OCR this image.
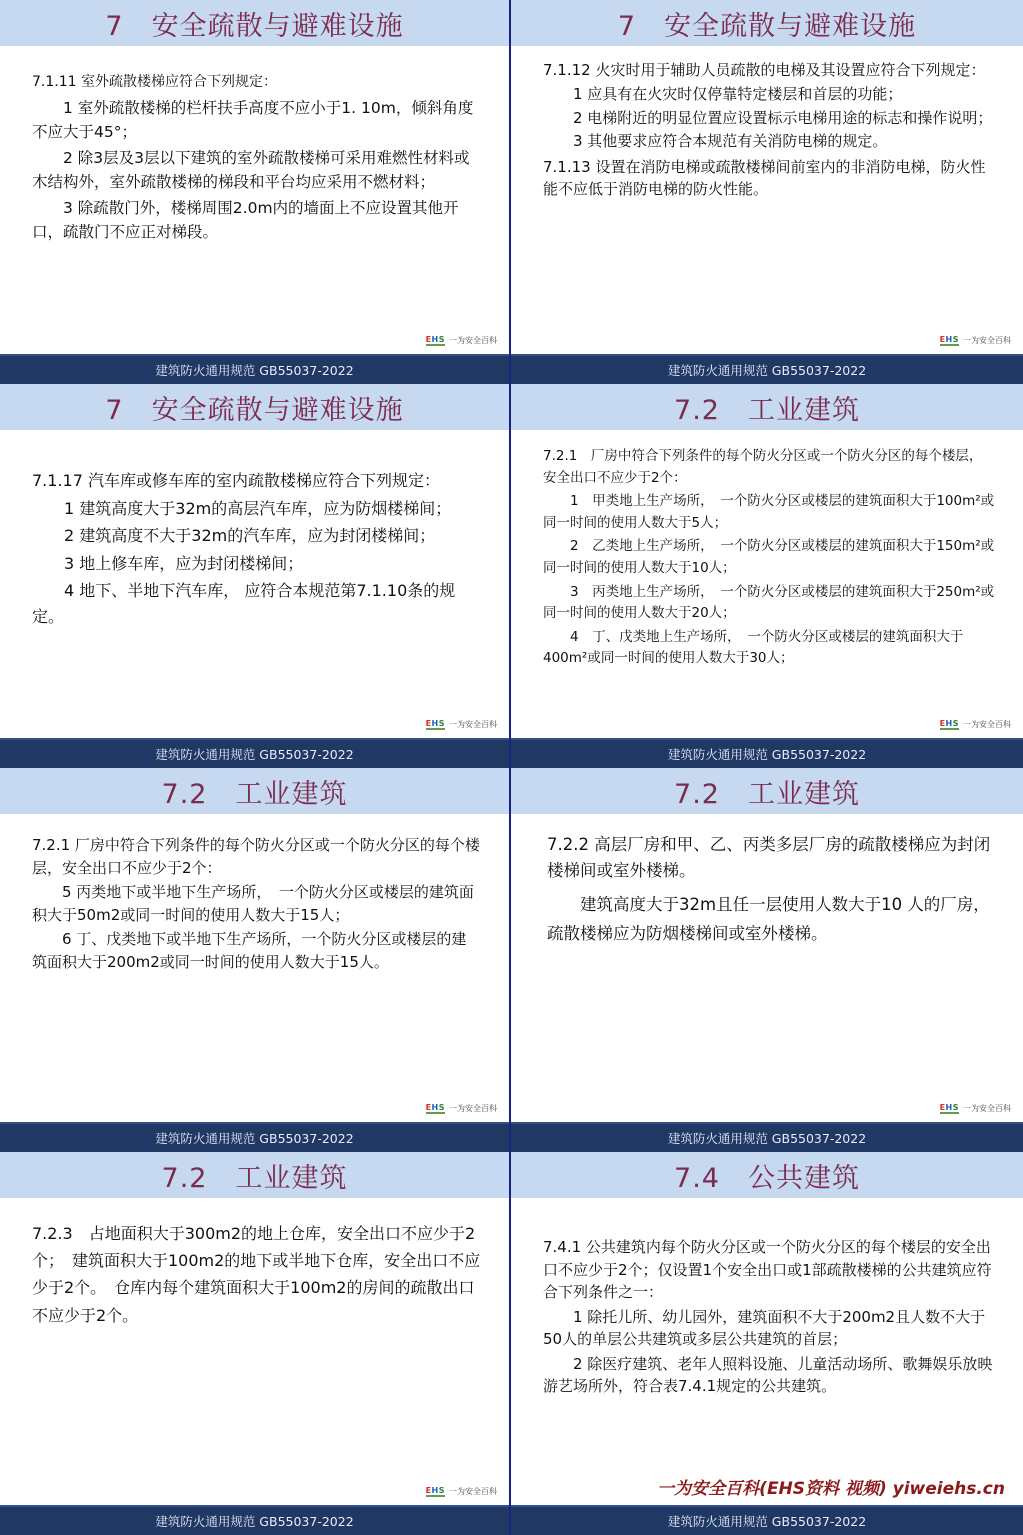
7　安全疏散与避难设施

7.1.11 室外疏散楼梯应符合下列规定：

1 室外疏散楼梯的栏杆扶手高度不应小于1. 10m，倾斜角度不应大于45°；

2 除3层及3层以下建筑的室外疏散楼梯可采用难燃性材料或木结构外，室外疏散楼梯的梯段和平台均应采用不燃材料；

3 除疏散门外，楼梯周围2.0m内的墙面上不应设置其他开口，疏散门不应正对梯段。

EHS 一为安全百科
建筑防火通用规范 GB55037-2022
7　安全疏散与避难设施

7.1.12 火灾时用于辅助人员疏散的电梯及其设置应符合下列规定：

1 应具有在火灾时仅停靠特定楼层和首层的功能；

2 电梯附近的明显位置应设置标示电梯用途的标志和操作说明；

3 其他要求应符合本规范有关消防电梯的规定。

7.1.13 设置在消防电梯或疏散楼梯间前室内的非消防电梯，防火性能不应低于消防电梯的防火性能。

EHS 一为安全百科
建筑防火通用规范 GB55037-2022
7　安全疏散与避难设施

7.1.17 汽车库或修车库的室内疏散楼梯应符合下列规定：

1 建筑高度大于32m的高层汽车库，应为防烟楼梯间；

2 建筑高度不大于32m的汽车库，应为封闭楼梯间；

3 地上修车库，应为封闭楼梯间；

4 地下、半地下汽车库， 应符合本规范第7.1.10条的规定。

EHS 一为安全百科
建筑防火通用规范 GB55037-2022
7.2　工业建筑

7.2.1　厂房中符合下列条件的每个防火分区或一个防火分区的每个楼层，安全出口不应少于2个：

1　甲类地上生产场所，　一个防火分区或楼层的建筑面积大于100m²或同一时间的使用人数大于5人；

2　乙类地上生产场所，　一个防火分区或楼层的建筑面积大于150m²或同一时间的使用人数大于10人；

3　丙类地上生产场所，　一个防火分区或楼层的建筑面积大于250m²或同一时间的使用人数大于20人；

4　丁、戊类地上生产场所，　一个防火分区或楼层的建筑面积大于400m²或同一时间的使用人数大于30人；

EHS 一为安全百科
建筑防火通用规范 GB55037-2022
7.2　工业建筑

7.2.1 厂房中符合下列条件的每个防火分区或一个防火分区的每个楼层，安全出口不应少于2个：

5 丙类地下或半地下生产场所，　一个防火分区或楼层的建筑面积大于50m2或同一时间的使用人数大于15人；

6 丁、戊类地下或半地下生产场所，一个防火分区或楼层的建筑面积大于200m2或同一时间的使用人数大于15人。

EHS 一为安全百科
建筑防火通用规范 GB55037-2022
7.2　工业建筑

7.2.2 高层厂房和甲、乙、丙类多层厂房的疏散楼梯应为封闭楼梯间或室外楼梯。

建筑高度大于32m且任一层使用人数大于10 人的厂房，疏散楼梯应为防烟楼梯间或室外楼梯。

EHS 一为安全百科
建筑防火通用规范 GB55037-2022
7.2　工业建筑

7.2.3　占地面积大于300m2的地上仓库，安全出口不应少于2个；　建筑面积大于100m2的地下或半地下仓库，安全出口不应少于2个。　仓库内每个建筑面积大于100m2的房间的疏散出口不应少于2个。

EHS 一为安全百科
建筑防火通用规范 GB55037-2022
7.4　公共建筑

7.4.1 公共建筑内每个防火分区或一个防火分区的每个楼层的安全出口不应少于2个；仅设置1个安全出口或1部疏散楼梯的公共建筑应符合下列条件之一：

1 除托儿所、幼儿园外，建筑面积不大于200m2且人数不大于50人的单层公共建筑或多层公共建筑的首层；

2 除医疗建筑、老年人照料设施、儿童活动场所、歌舞娱乐放映游艺场所外，符合表7.4.1规定的公共建筑。

一为安全百科(EHS资料 视频) yiweiehs.cn
建筑防火通用规范 GB55037-2022
